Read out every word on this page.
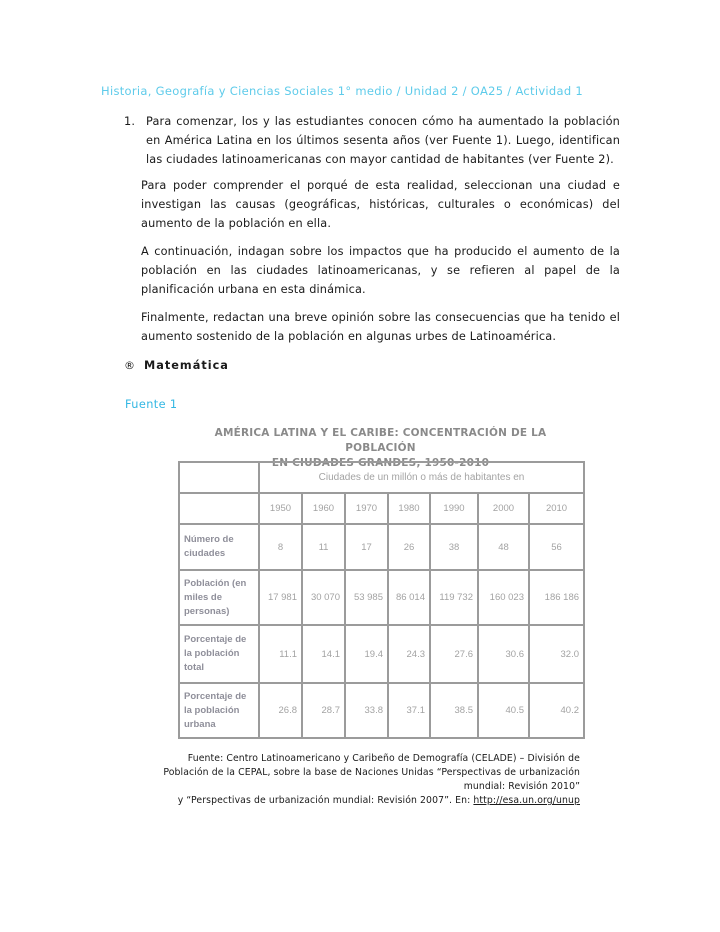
Historia, Geografía y Ciencias Sociales 1° medio / Unidad 2 / OA25 / Actividad 1
1. Para comenzar, los y las estudiantes conocen cómo ha aumentado la población en América Latina en los últimos sesenta años (ver Fuente 1). Luego, identifican las ciudades latinoamericanas con mayor cantidad de habitantes (ver Fuente 2).
Para poder comprender el porqué de esta realidad, seleccionan una ciudad e investigan las causas (geográficas, históricas, culturales o económicas) del aumento de la población en ella.
A continuación, indagan sobre los impactos que ha producido el aumento de la población en las ciudades latinoamericanas, y se refieren al papel de la planificación urbana en esta dinámica.
Finalmente, redactan una breve opinión sobre las consecuencias que ha tenido el aumento sostenido de la población en algunas urbes de Latinoamérica.
® Matemática
Fuente 1
AMÉRICA LATINA Y EL CARIBE: CONCENTRACIÓN DE LA POBLACIÓN
EN CIUDADES GRANDES, 1950-2010
	Ciudades de un millón o más de habitantes en						
	1950	1960	1970	1980	1990	2000	2010
Número de ciudades	8	11	17	26	38	48	56
Población (en miles de personas)	17 981	30 070	53 985	86 014	119 732	160 023	186 186
Porcentaje de la población total	11.1	14.1	19.4	24.3	27.6	30.6	32.0
Porcentaje de la población urbana	26.8	28.7	33.8	37.1	38.5	40.5	40.2
Fuente: Centro Latinoamericano y Caribeño de Demografía (CELADE) – División de
Población de la CEPAL, sobre la base de Naciones Unidas “Perspectivas de urbanización
mundial: Revisión 2010”
y “Perspectivas de urbanización mundial: Revisión 2007”. En: http://esa.un.org/unup
